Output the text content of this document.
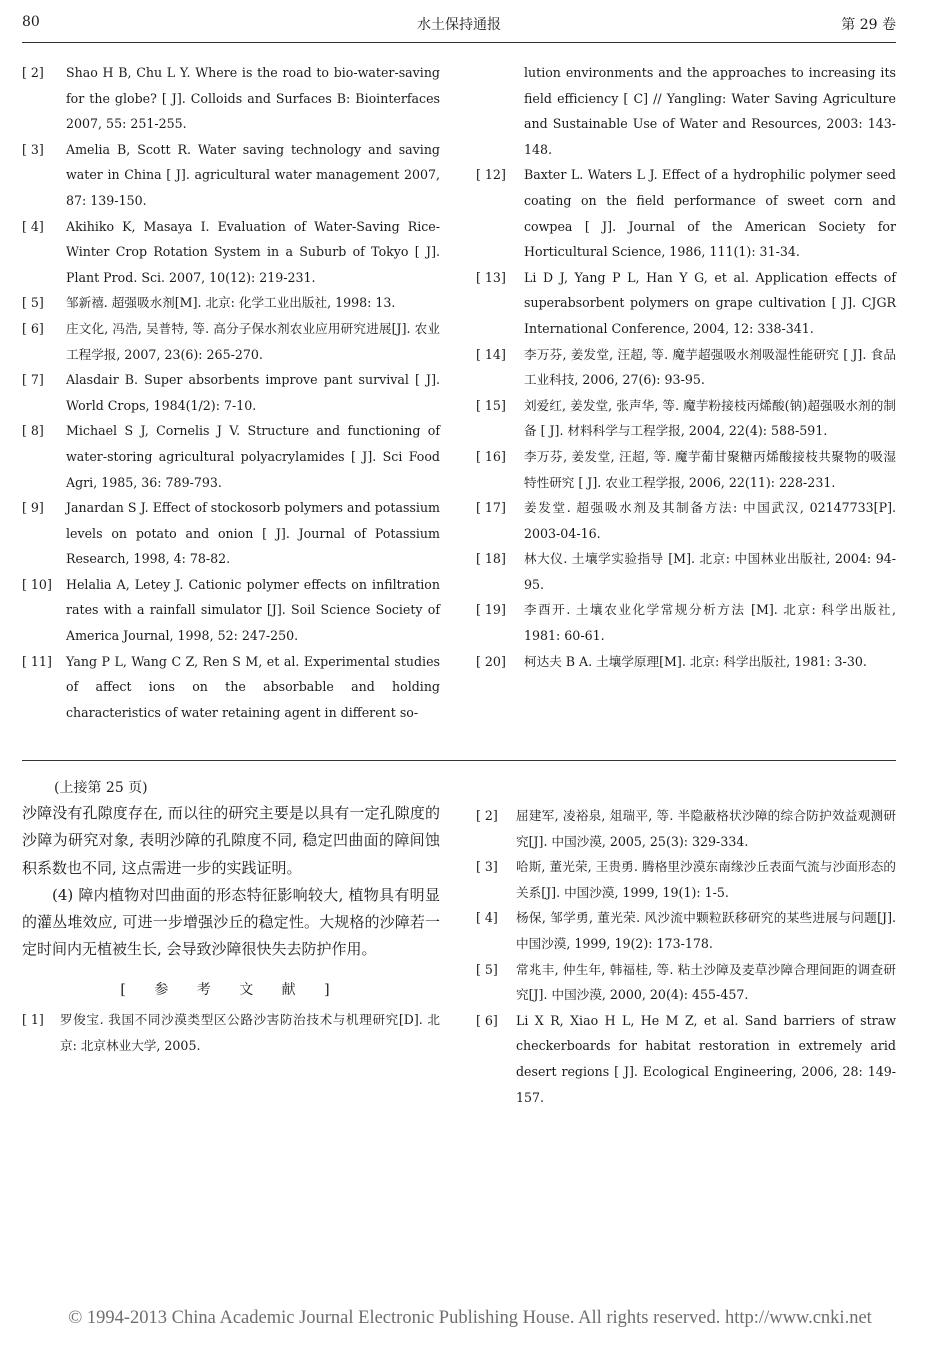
80	水土保持通报	第 29 卷
[ 2]	Shao H B, Chu L Y. Where is the road to bio-water-saving for the globe? [ J]. Colloids and Surfaces B: Biointerfaces 2007, 55: 251-255.
[ 3]	Amelia B, Scott R. Water saving technology and saving water in China [ J]. agricultural water management 2007, 87: 139-150.
[ 4]	Akihiko K, Masaya I. Evaluation of Water-Saving Rice-Winter Crop Rotation System in a Suburb of Tokyo [ J]. Plant Prod. Sci. 2007, 10(12): 219-231.
[ 5]	邹新禧. 超强吸水剂[M]. 北京: 化学工业出版社, 1998: 13.
[ 6]	庄文化, 冯浩, 吴普特, 等. 高分子保水剂农业应用研究进展[J]. 农业工程学报, 2007, 23(6): 265-270.
[ 7]	Alasdair B. Super absorbents improve pant survival [ J]. World Crops, 1984(1/2): 7-10.
[ 8]	Michael S J, Cornelis J V. Structure and functioning of water-storing agricultural polyacrylamides [ J]. Sci Food Agri, 1985, 36: 789-793.
[ 9]	Janardan S J. Effect of stockosorb polymers and potassium levels on potato and onion [ J]. Journal of Potassium Research, 1998, 4: 78-82.
[ 10]	Helalia A, Letey J. Cationic polymer effects on infiltration rates with a rainfall simulator [J]. Soil Science Society of America Journal, 1998, 52: 247-250.
[ 11]	Yang P L, Wang C Z, Ren S M, et al. Experimental studies of affect ions on the absorbable and holding characteristics of water retaining agent in different so-
lution environments and the approaches to increasing its field efficiency [ C] // Yangling: Water Saving Agriculture and Sustainable Use of Water and Resources, 2003: 143-148.
[ 12]	Baxter L. Waters L J. Effect of a hydrophilic polymer seed coating on the field performance of sweet corn and cowpea [ J]. Journal of the American Society for Horticultural Science, 1986, 111(1): 31-34.
[ 13]	Li D J, Yang P L, Han Y G, et al. Application effects of superabsorbent polymers on grape cultivation [ J]. CJGR International Conference, 2004, 12: 338-341.
[ 14]	李万芬, 姜发堂, 汪超, 等. 魔芋超强吸水剂吸湿性能研究 [ J]. 食品工业科技, 2006, 27(6): 93-95.
[ 15]	刘爱红, 姜发堂, 张声华, 等. 魔芋粉接枝丙烯酸(钠)超强吸水剂的制备 [ J]. 材料科学与工程学报, 2004, 22(4): 588-591.
[ 16]	李万芬, 姜发堂, 汪超, 等. 魔芋葡甘聚糖丙烯酸接枝共聚物的吸湿特性研究 [ J]. 农业工程学报, 2006, 22(11): 228-231.
[ 17]	姜发堂. 超强吸水剂及其制备方法: 中国武汉, 02147733[P]. 2003-04-16.
[ 18]	林大仪. 土壤学实验指导 [M]. 北京: 中国林业出版社, 2004: 94-95.
[ 19]	李酉开. 土壤农业化学常规分析方法 [M]. 北京: 科学出版社, 1981: 60-61.
[ 20]	柯达夫 B A. 土壤学原理[M]. 北京: 科学出版社, 1981: 3-30.
(上接第 25 页)
沙障没有孔隙度存在, 而以往的研究主要是以具有一定孔隙度的沙障为研究对象, 表明沙障的孔隙度不同, 稳定凹曲面的障间蚀积系数也不同, 这点需进一步的实践证明。
(4) 障内植物对凹曲面的形态特征影响较大, 植物具有明显的灌丛堆效应, 可进一步增强沙丘的稳定性。大规格的沙障若一定时间内无植被生长, 会导致沙障很快失去防护作用。
[ 参 考 文 献 ]
[ 1]	罗俊宝. 我国不同沙漠类型区公路沙害防治技术与机理研究[D]. 北京: 北京林业大学, 2005.
[ 2]	屈建军, 凌裕泉, 俎瑞平, 等. 半隐蔽格状沙障的综合防护效益观测研究[J]. 中国沙漠, 2005, 25(3): 329-334.
[ 3]	哈斯, 董光荣, 王贵勇. 腾格里沙漠东南缘沙丘表面气流与沙面形态的关系[J]. 中国沙漠, 1999, 19(1): 1-5.
[ 4]	杨保, 邹学勇, 董光荣. 风沙流中颗粒跃移研究的某些进展与问题[J]. 中国沙漠, 1999, 19(2): 173-178.
[ 5]	常兆丰, 仲生年, 韩福桂, 等. 粘土沙障及麦草沙障合理间距的调查研究[J]. 中国沙漠, 2000, 20(4): 455-457.
[ 6]	Li X R, Xiao H L, He M Z, et al. Sand barriers of straw checkerboards for habitat restoration in extremely arid desert regions [ J]. Ecological Engineering, 2006, 28: 149-157.
© 1994-2013 China Academic Journal Electronic Publishing House. All rights reserved. http://www.cnki.net
